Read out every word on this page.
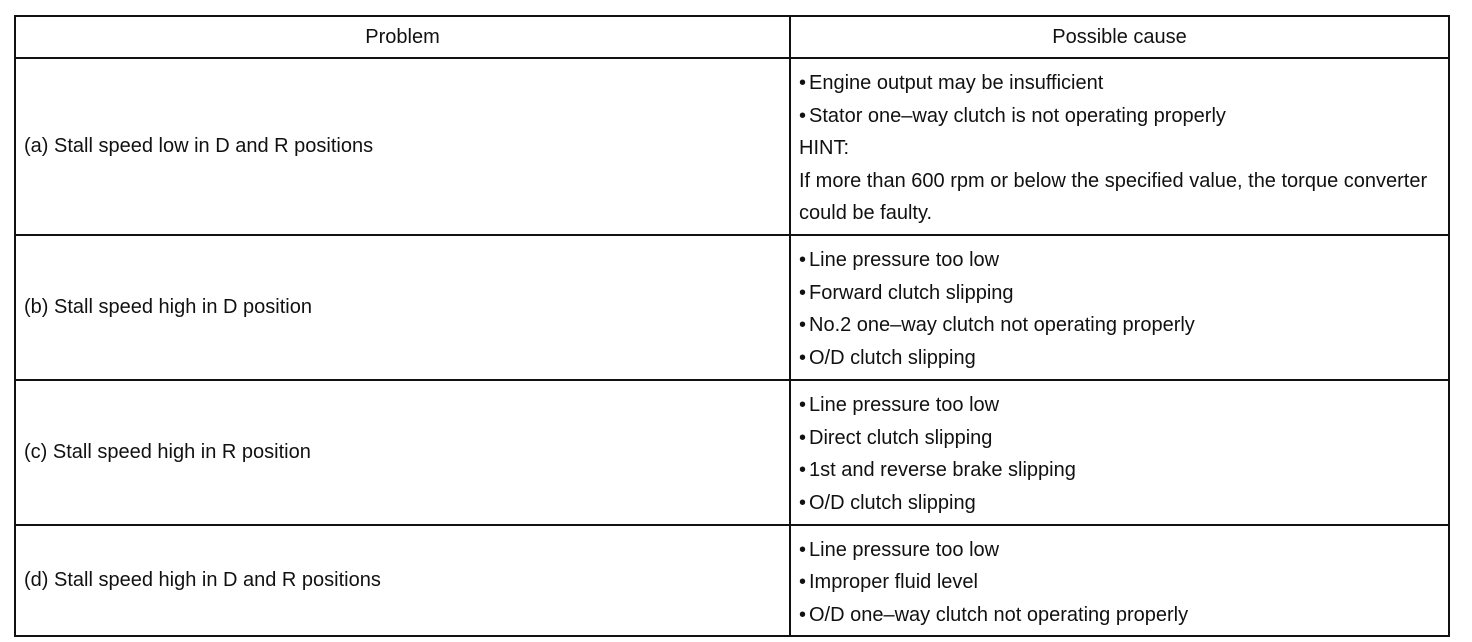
Problem	Possible cause
(a) Stall speed low in D and R positions	• Engine output may be insufficient
• Stator one–way clutch is not operating properly
HINT:
If more than 600 rpm or below the specified value, the torque converter could be faulty.

(b) Stall speed high in D position	• Line pressure too low
• Forward clutch slipping
• No.2 one–way clutch not operating properly
• O/D clutch slipping

(c) Stall speed high in R position	• Line pressure too low
• Direct clutch slipping
• 1st and reverse brake slipping
• O/D clutch slipping

(d) Stall speed high in D and R positions	• Line pressure too low
• Improper fluid level
• O/D one–way clutch not operating properly
